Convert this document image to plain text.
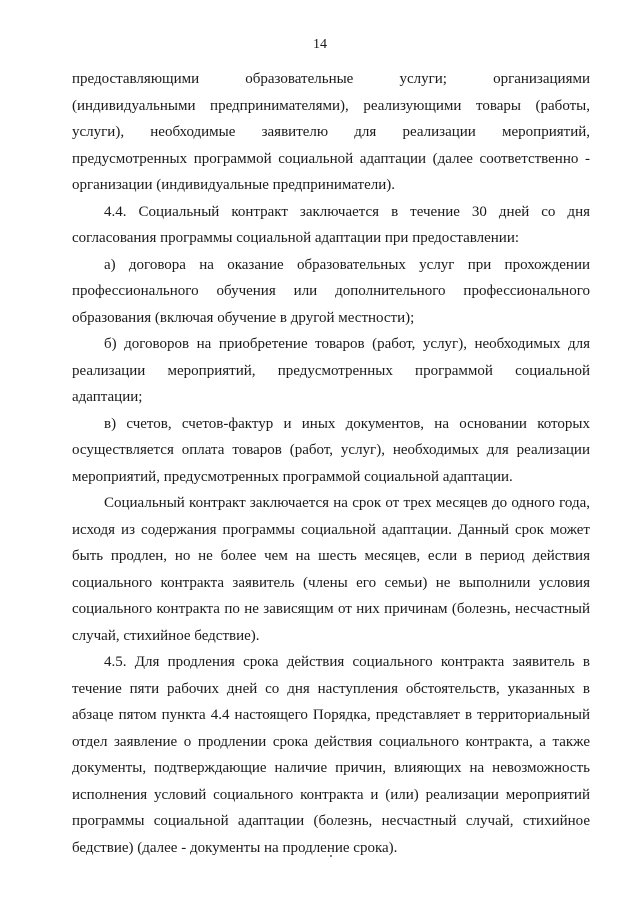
14

предоставляющими образовательные услуги; организациями (индивидуальными предпринимателями), реализующими товары (работы, услуги), необходимые заявителю для реализации мероприятий, предусмотренных программой социальной адаптации (далее соответственно - организации (индивидуальные предприниматели).

4.4. Социальный контракт заключается в течение 30 дней со дня согласования программы социальной адаптации при предоставлении:

а) договора на оказание образовательных услуг при прохождении профессионального обучения или дополнительного профессионального образования (включая обучение в другой местности);

б) договоров на приобретение товаров (работ, услуг), необходимых для реализации мероприятий, предусмотренных программой социальной адаптации;

в) счетов, счетов-фактур и иных документов, на основании которых осуществляется оплата товаров (работ, услуг), необходимых для реализации мероприятий, предусмотренных программой социальной адаптации.

Социальный контракт заключается на срок от трех месяцев до одного года, исходя из содержания программы социальной адаптации. Данный срок может быть продлен, но не более чем на шесть месяцев, если в период действия социального контракта заявитель (члены его семьи) не выполнили условия социального контракта по не зависящим от них причинам (болезнь, несчастный случай, стихийное бедствие).

4.5. Для продления срока действия социального контракта заявитель в течение пяти рабочих дней со дня наступления обстоятельств, указанных в абзаце пятом пункта 4.4 настоящего Порядка, представляет в территориальный отдел заявление о продлении срока действия социального контракта, а также документы, подтверждающие наличие причин, влияющих на невозможность исполнения условий социального контракта и (или) реализации мероприятий программы социальной адаптации (болезнь, несчастный случай, стихийное бедствие) (далее - документы на продление срока).
